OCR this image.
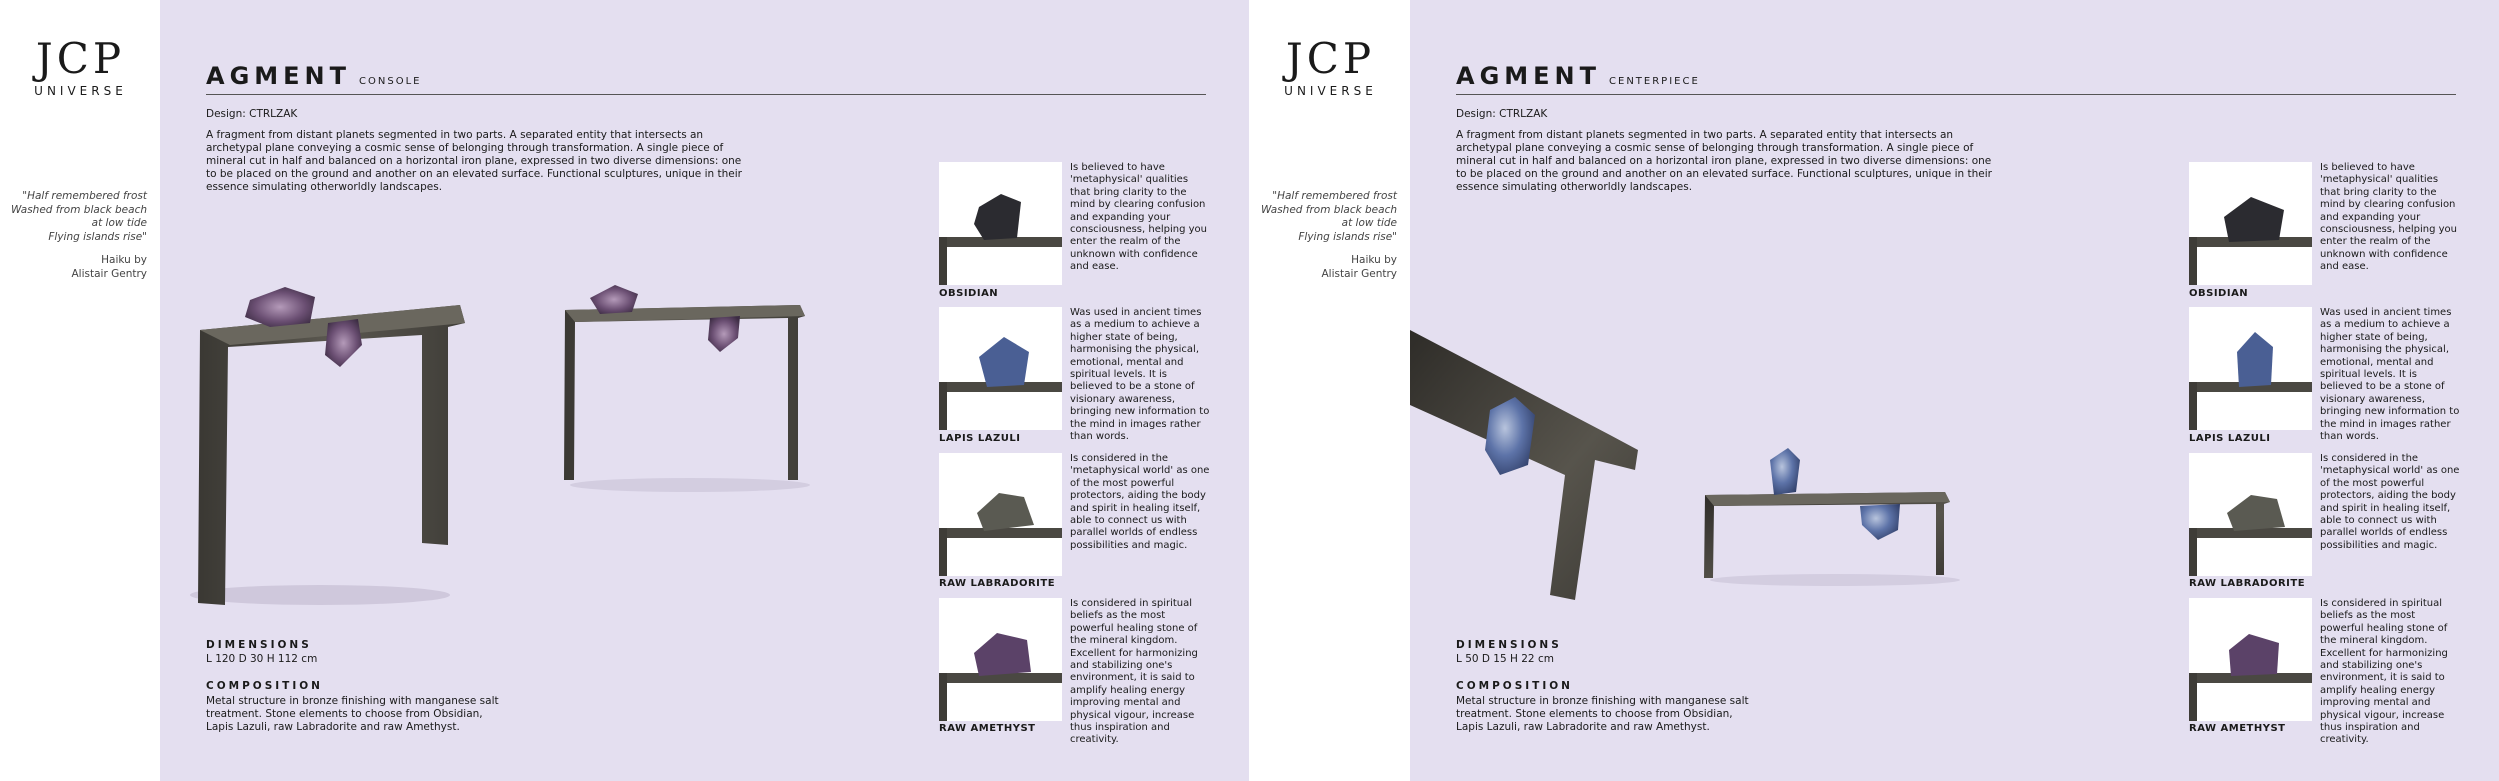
JCP
UNIVERSE
"Half remembered frost
Washed from black beach
at low tide
Flying islands rise"
Haiku by
Alistair Gentry
AGMENT CONSOLE
Design: CTRLZAK
A fragment from distant planets segmented in two parts. A separated entity that intersects an archetypal plane conveying a cosmic sense of belonging through transformation. A single piece of mineral cut in half and balanced on a horizontal iron plane, expressed in two diverse dimensions: one to be placed on the ground and another on an elevated surface. Functional sculptures, unique in their essence simulating otherworldly landscapes.
DIMENSIONS
L 120 D 30 H 112 cm
COMPOSITION
Metal structure in bronze finishing with manganese salt treatment. Stone elements to choose from Obsidian, Lapis Lazuli, raw Labradorite and raw Amethyst.
OBSIDIAN
Is believed to have 'metaphysical' qualities that bring clarity to the mind by clearing confusion and expanding your consciousness, helping you enter the realm of the unknown with confidence and ease.
LAPIS LAZULI
Was used in ancient times as a medium to achieve a higher state of being, harmonising the physical, emotional, mental and spiritual levels. It is believed to be a stone of visionary awareness, bringing new information to the mind in images rather than words.
RAW LABRADORITE
Is considered in the 'metaphysical world' as one of the most powerful protectors, aiding the body and spirit in healing itself, able to connect us with parallel worlds of endless possibilities and magic.
RAW AMETHYST
Is considered in spiritual beliefs as the most powerful healing stone of the mineral kingdom. Excellent for harmonizing and stabilizing one's environment, it is said to amplify healing energy improving mental and physical vigour, increase thus inspiration and creativity.
JCP
UNIVERSE
"Half remembered frost
Washed from black beach
at low tide
Flying islands rise"
Haiku by
Alistair Gentry
AGMENT CENTERPIECE
Design: CTRLZAK
A fragment from distant planets segmented in two parts. A separated entity that intersects an archetypal plane conveying a cosmic sense of belonging through transformation. A single piece of mineral cut in half and balanced on a horizontal iron plane, expressed in two diverse dimensions: one to be placed on the ground and another on an elevated surface. Functional sculptures, unique in their essence simulating otherworldly landscapes.
DIMENSIONS
L 50 D 15 H 22 cm
COMPOSITION
Metal structure in bronze finishing with manganese salt treatment. Stone elements to choose from Obsidian, Lapis Lazuli, raw Labradorite and raw Amethyst.
OBSIDIAN
Is believed to have 'metaphysical' qualities that bring clarity to the mind by clearing confusion and expanding your consciousness, helping you enter the realm of the unknown with confidence and ease.
LAPIS LAZULI
Was used in ancient times as a medium to achieve a higher state of being, harmonising the physical, emotional, mental and spiritual levels. It is believed to be a stone of visionary awareness, bringing new information to the mind in images rather than words.
RAW LABRADORITE
Is considered in the 'metaphysical world' as one of the most powerful protectors, aiding the body and spirit in healing itself, able to connect us with parallel worlds of endless possibilities and magic.
RAW AMETHYST
Is considered in spiritual beliefs as the most powerful healing stone of the mineral kingdom. Excellent for harmonizing and stabilizing one's environment, it is said to amplify healing energy improving mental and physical vigour, increase thus inspiration and creativity.
